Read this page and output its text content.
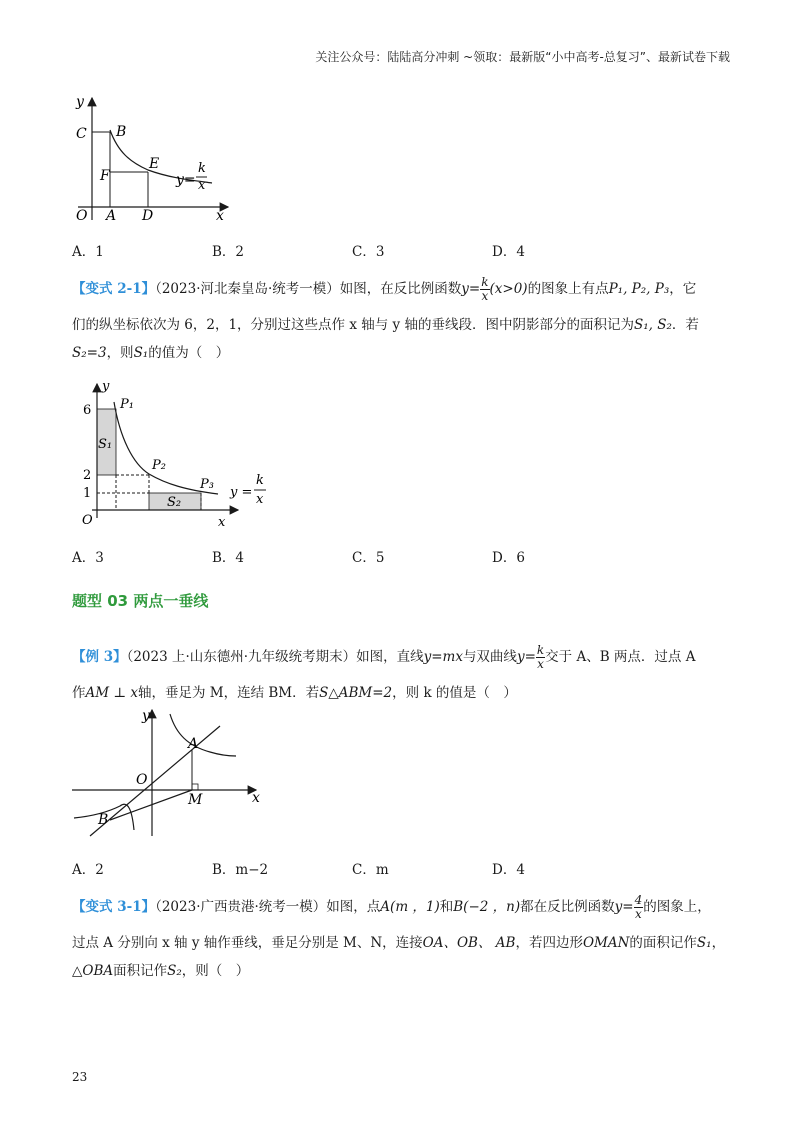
关注公众号：陆陆高分冲刺 ~领取：最新版“小中高考-总复习”、最新试卷下载
y
C B
F
E
O A D	x
y=
k
x
A．1	B．2	C．3	D．4
【变式 2-1】（2023·河北秦皇岛·统考一模）如图，在反比例函数$y= \frac{k}{x} (x>0)$的图象上有点P₁, P₂, P₃，它
们的纵坐标依次为 6，2，1，分别过这些点作 x 轴与 y 轴的垂线段．图中阴影部分的面积记为S₁, S₂．若
S₂=3，则S₁的值为（　）
y
6
2
1
O	x
P₁
P₂
P₃
S₁
S₂
y =
k
x
A．3	B．4	C．5	D．6
题型 03 两点一垂线
【例 3】（2023 上·山东德州·九年级统考期末）如图，直线y=mx与双曲线$y= \frac{k}{x}$ 交于 A、B 两点．过点 A
作AM ⊥ x轴，垂足为 M，连结 BM．若S△ABM=2，则 k 的值是（　）
y
A
O
M	x
B
A．2	B．m−2	C．m	D．4
【变式 3-1】（2023·广西贵港·统考一模）如图，点A(m ，1)和B(−2 ，n)都在反比例函数$y= \frac{4}{x}$ 的图象上，
过点 A 分别向 x 轴 y 轴作垂线，垂足分别是 M、N，连接OA、OB、 AB，若四边形OMAN的面积记作S₁，
△OBA面积记作S₂，则（　）
23
